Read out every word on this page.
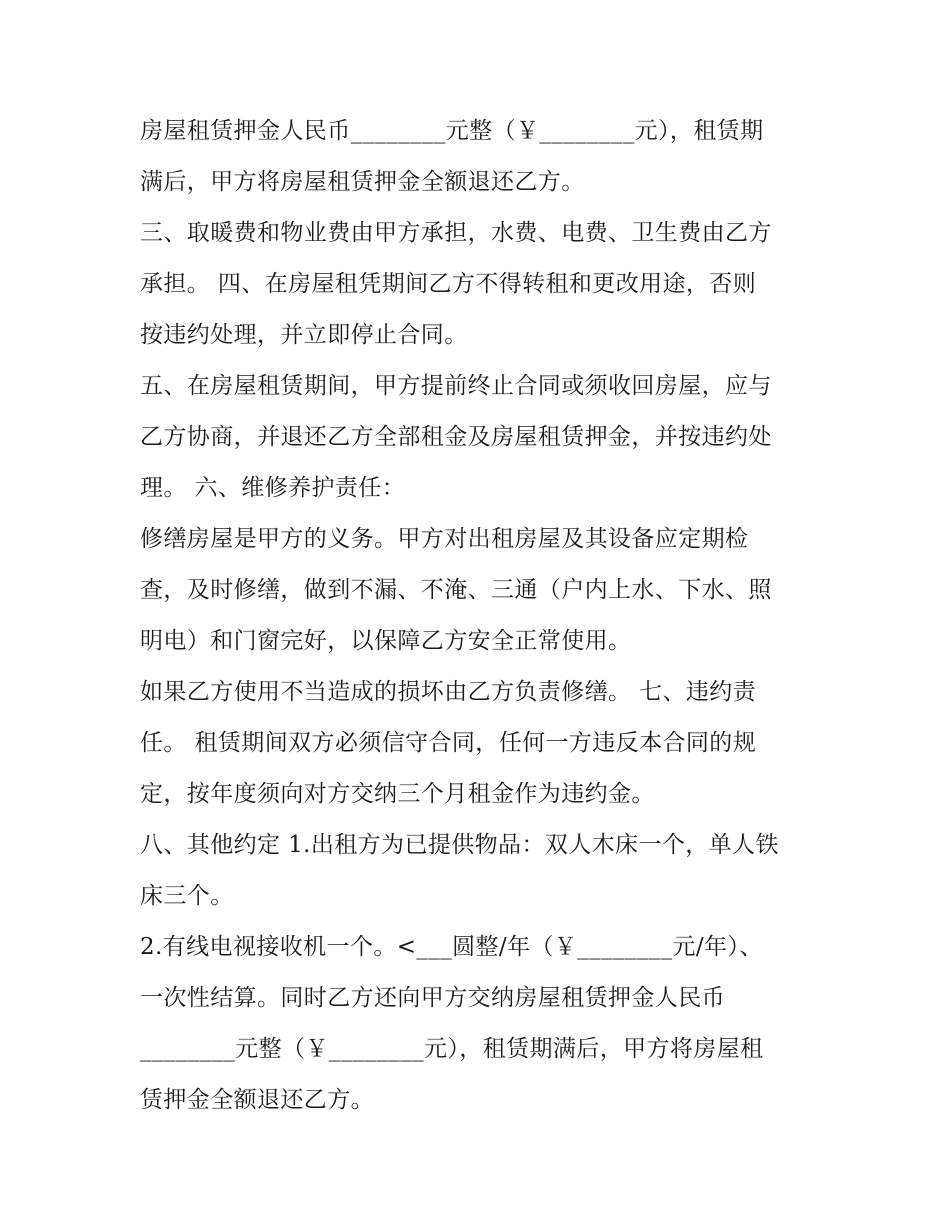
房屋租赁押金人民币________元整（￥________元），租赁期
满后，甲方将房屋租赁押金全额退还乙方。
三、取暖费和物业费由甲方承担，水费、电费、卫生费由乙方
承担。 四、在房屋租凭期间乙方不得转租和更改用途，否则
按违约处理，并立即停止合同。
五、在房屋租赁期间，甲方提前终止合同或须收回房屋，应与
乙方协商，并退还乙方全部租金及房屋租赁押金，并按违约处
理。 六、维修养护责任：
修缮房屋是甲方的义务。甲方对出租房屋及其设备应定期检
查，及时修缮，做到不漏、不淹、三通（户内上水、下水、照
明电）和门窗完好，以保障乙方安全正常使用。
如果乙方使用不当造成的损坏由乙方负责修缮。 七、违约责
任。 租赁期间双方必须信守合同，任何一方违反本合同的规
定，按年度须向对方交纳三个月租金作为违约金。
八、其他约定 1.出租方为已提供物品：双人木床一个，单人铁
床三个。
2.有线电视接收机一个。<___圆整/年（￥________元/年）、
一次性结算。同时乙方还向甲方交纳房屋租赁押金人民币
________元整（￥________元），租赁期满后，甲方将房屋租
赁押金全额退还乙方。
